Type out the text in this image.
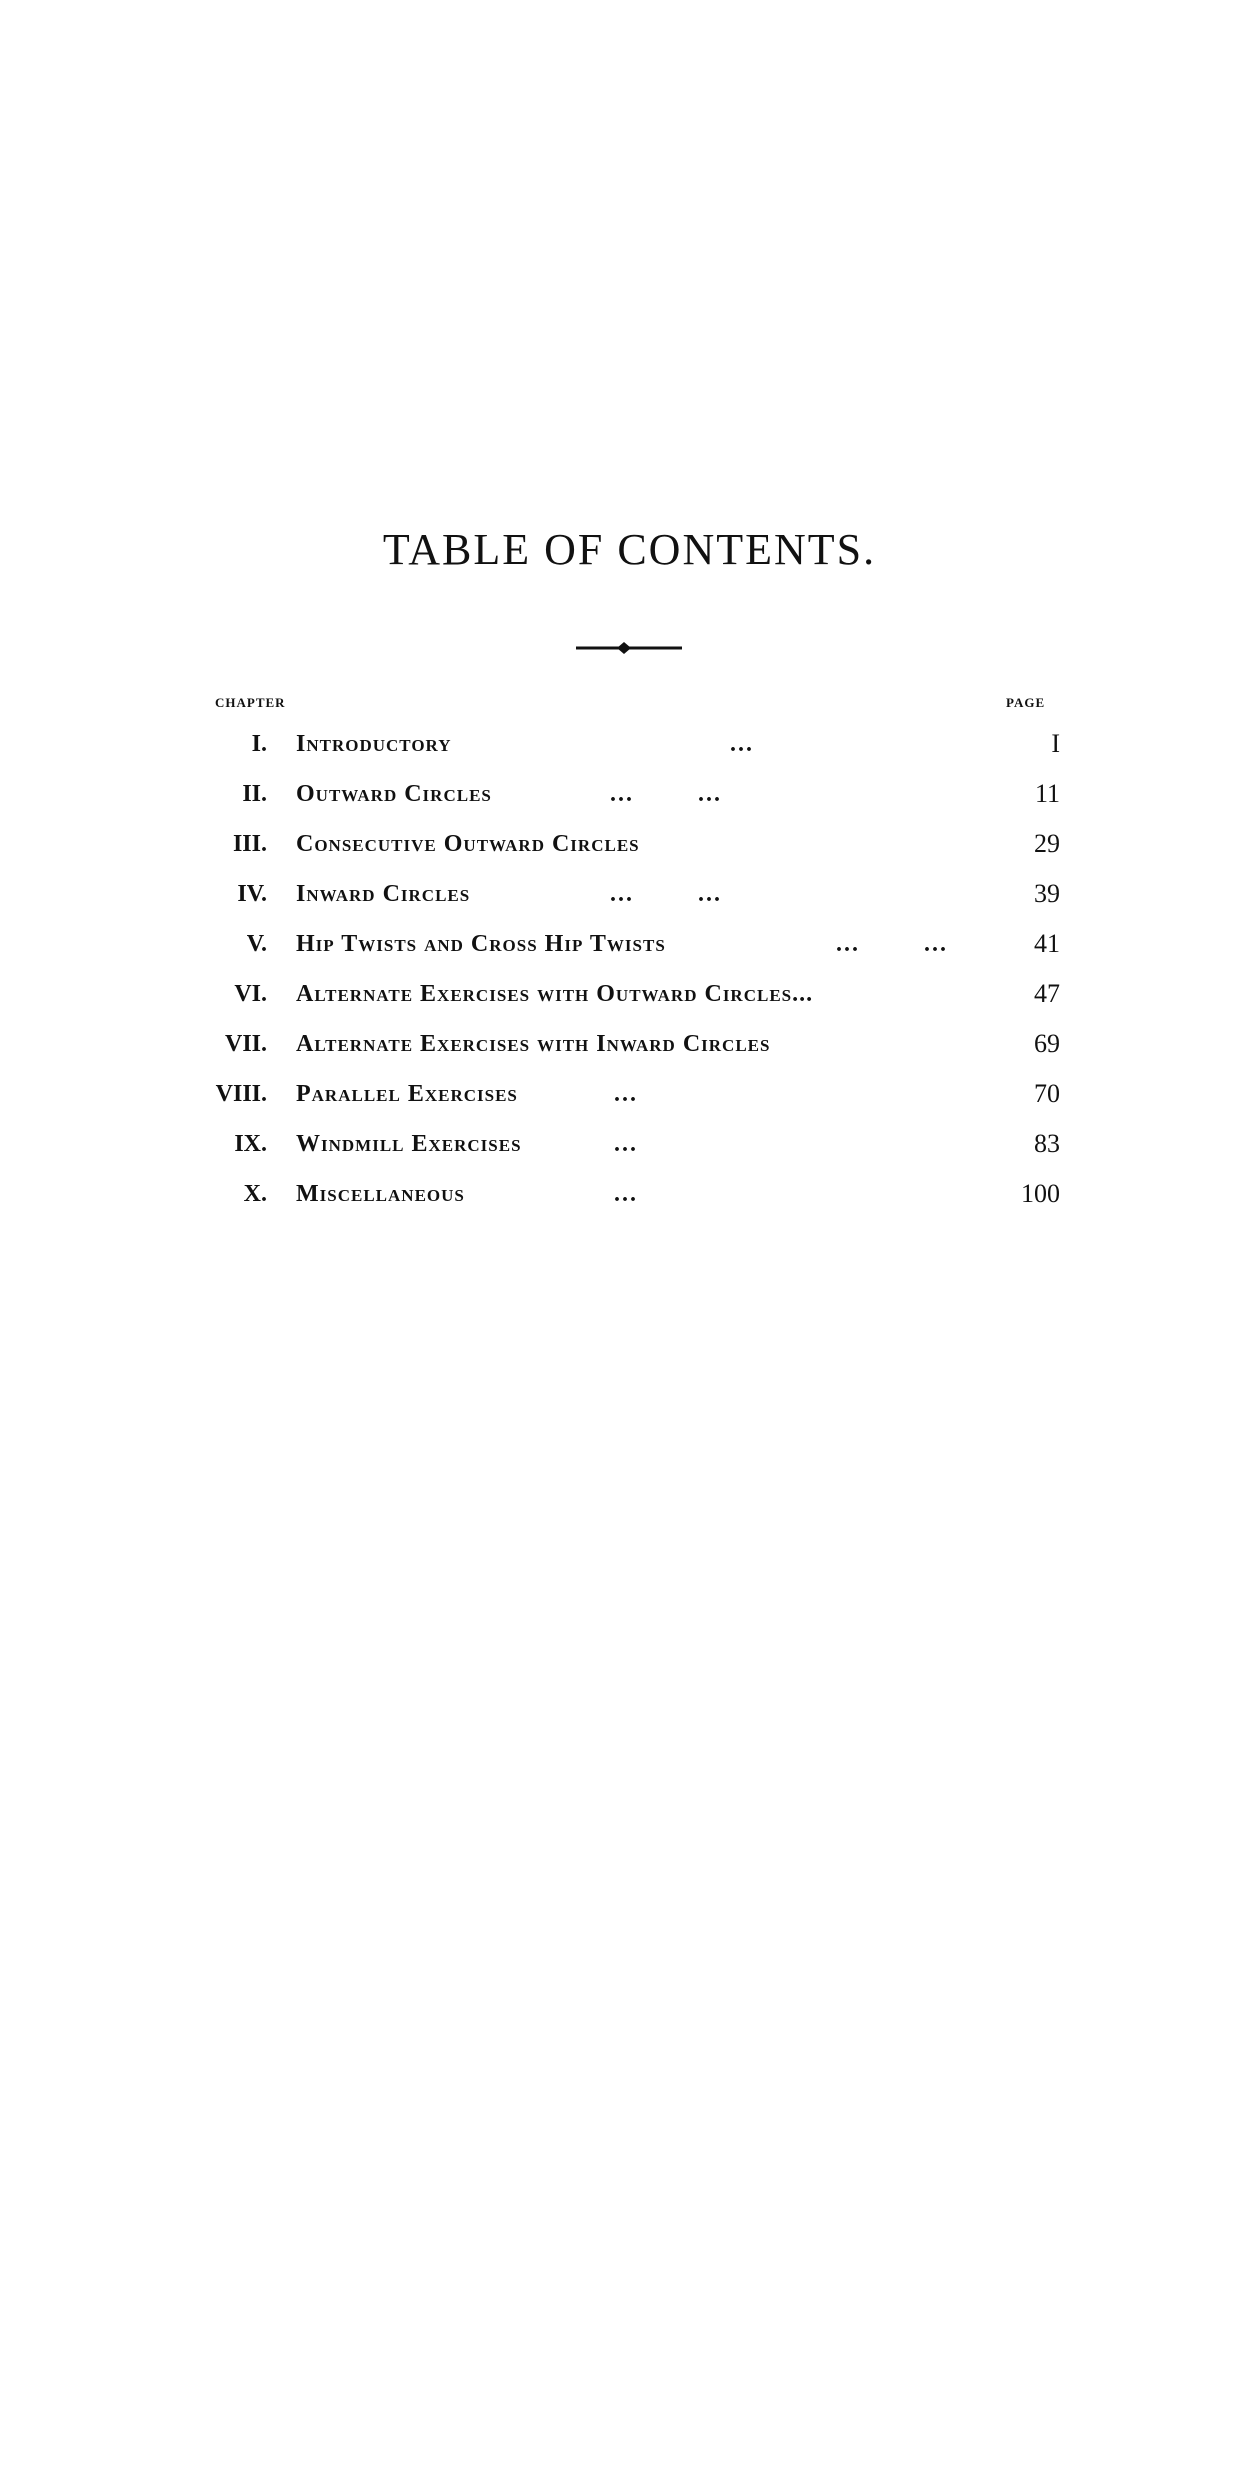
TABLE OF CONTENTS.
CHAPTER	PAGE
I. Introductory	...	I
II. Outward Circles	...        ...	11
III. Consecutive Outward Circles	29
IV. Inward Circles	...        ...	39
V. Hip Twists and Cross Hip Twists	...        ...	41
VI. Alternate Exercises with Outward Circles...	47
VII. Alternate Exercises with Inward Circles	69
VIII. Parallel Exercises	...	70
IX. Windmill Exercises	...	83
X. Miscellaneous	...	100
